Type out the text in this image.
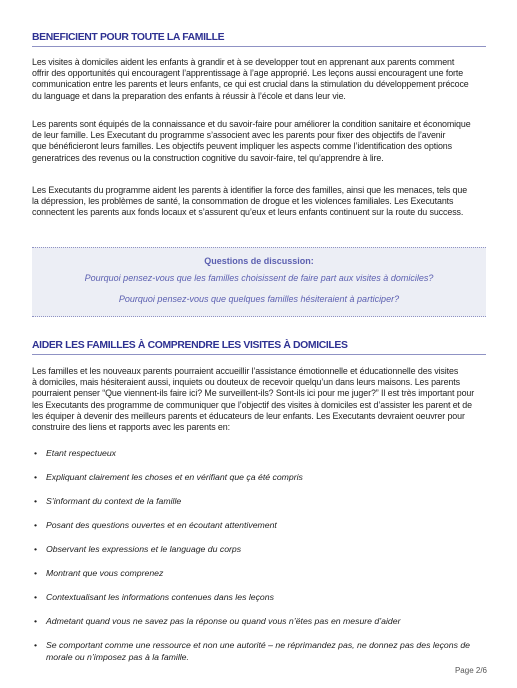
BENEFICIENT POUR TOUTE LA FAMILLE
Les visites à domiciles aident les enfants à grandir et à se developper tout en apprenant aux parents comment
offrir des opportunités qui encouragent l’apprentissage à l’age approprié. Les leçons aussi encouragent une forte
communication entre les parents et leurs enfants, ce qui est crucial dans la stimulation du développement précoce
du language et dans la preparation des enfants à réussir à l’école et dans leur vie.
Les parents sont équipés de la connaissance et du savoir-faire pour améliorer la condition sanitaire et économique
de leur famille. Les Executant du programme s’associent avec les parents pour fixer des objectifs de l’avenir
que bénéficieront leurs familles. Les objectifs peuvent impliquer les aspects comme l’identification des options
generatrices des revenus ou la construction cognitive du savoir-faire, tel qu’apprendre à lire.
Les Executants du programme aident les parents à identifier la force des familles, ainsi que les menaces, tels que
la dépression, les problèmes de santé, la consommation de drogue et les violences familiales. Les Executants
connectent les parents aux fonds locaux et s’assurent qu’eux et leurs enfants continuent sur la route du success.
Questions de discussion:
Pourquoi pensez-vous que les familles choisissent de faire part aux visites à domiciles?
Pourquoi pensez-vous que quelques familles hésiteraient à participer?
AIDER LES FAMILLES À COMPRENDRE LES VISITES À DOMICILES
Les familles et les nouveaux parents pourraient accueillir l’assistance émotionnelle et éducationnelle des visites
à domiciles, mais hésiteraient aussi, inquiets ou douteux de recevoir quelqu’un dans leurs maisons. Les parents
pourraient penser “Que viennent-ils faire ici? Me surveillent-ils? Sont-ils ici pour me juger?” Il est très important pour
les Executants des programme de communiquer que l’objectif des visites à domiciles est d’assister les parent et de
les équiper à devenir des meilleurs parents et éducateurs de leur enfants. Les Executants devraient oeuvrer pour
construire des liens et rapports avec les parents en:
• Etant respectueux
• Expliquant clairement les choses et en vérifiant que ça été compris
• S’informant du context de la famille
• Posant des questions ouvertes et en écoutant attentivement
• Observant les expressions et le language du corps
• Montrant que vous comprenez
• Contextualisant les informations contenues dans les leçons
• Admetant quand vous ne savez pas la réponse ou quand vous n’ëtes pas en mesure d’aider
• Se comportant comme une ressource et non une autorité – ne réprimandez pas, ne donnez pas des leçons de
morale ou n’imposez pas à la famille.
Page 2/6
